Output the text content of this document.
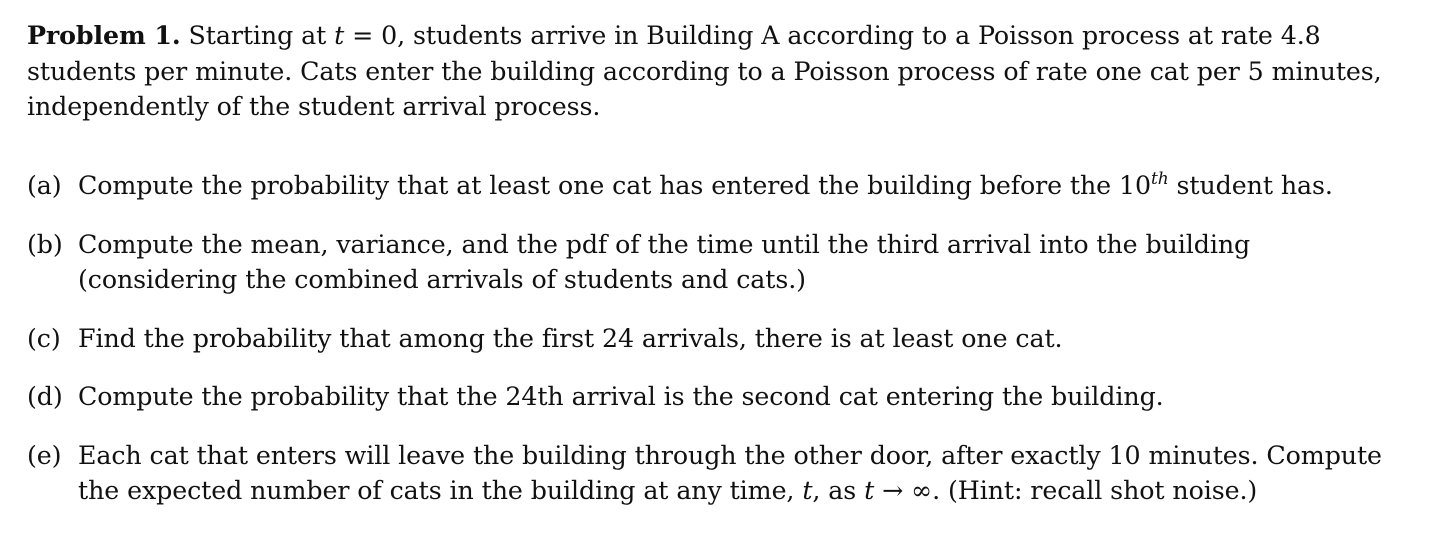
Problem 1. Starting at t = 0, students arrive in Building A according to a Poisson process at rate 4.8 students per minute. Cats enter the building according to a Poisson process of rate one cat per 5 minutes, independently of the student arrival process.

(a) Compute the probability that at least one cat has entered the building before the 10th student has.
(b) Compute the mean, variance, and the pdf of the time until the third arrival into the building (considering the combined arrivals of students and cats.)
(c) Find the probability that among the first 24 arrivals, there is at least one cat.
(d) Compute the probability that the 24th arrival is the second cat entering the building.
(e) Each cat that enters will leave the building through the other door, after exactly 10 minutes. Compute the expected number of cats in the building at any time, t, as t → ∞. (Hint: recall shot noise.)
